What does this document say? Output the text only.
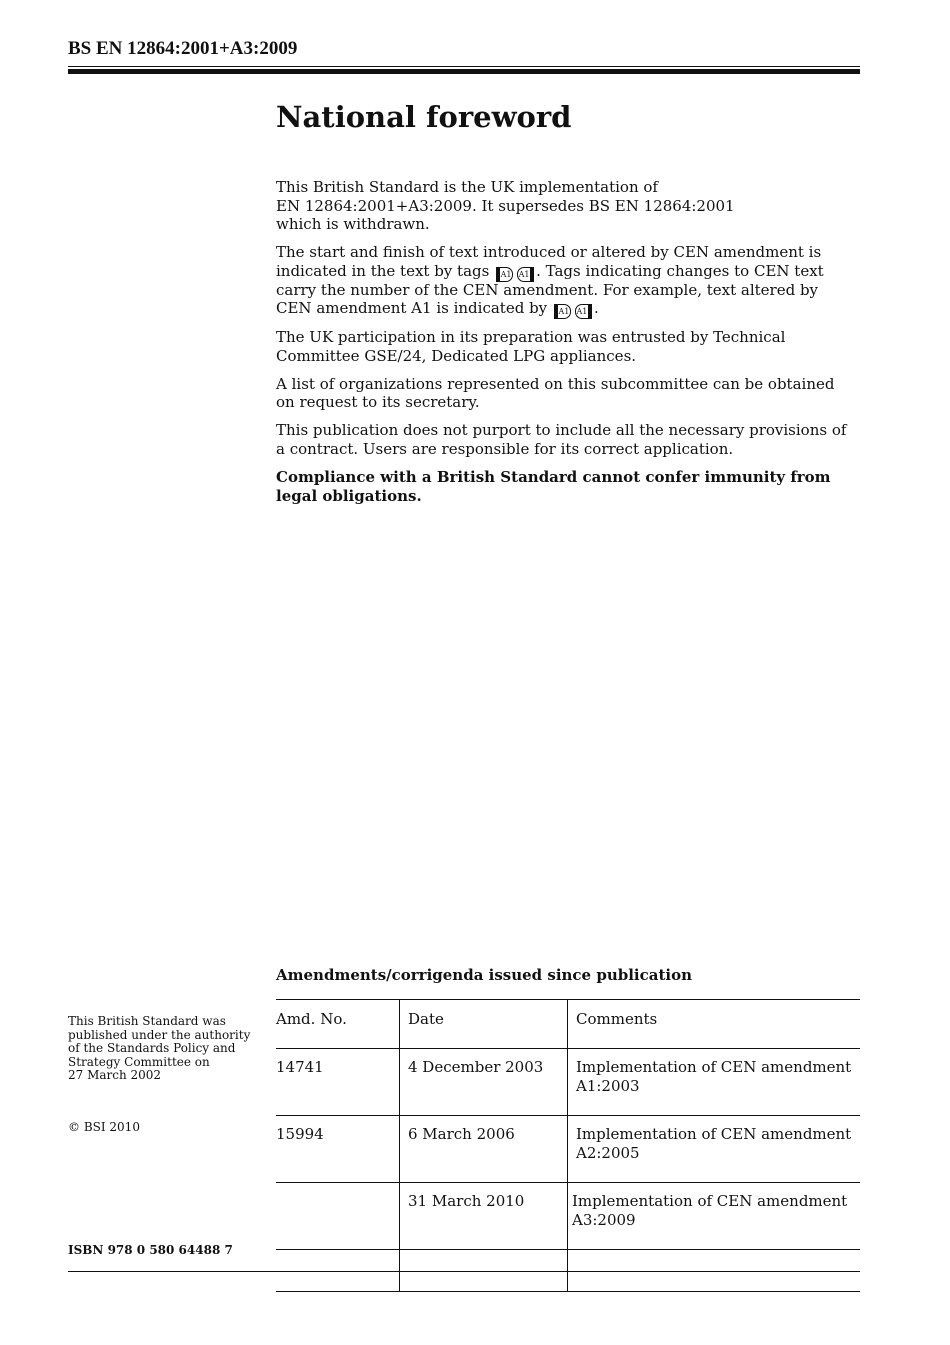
BS EN 12864:2001+A3:2009
National foreword

This British Standard is the UK implementation of
EN 12864:2001+A3:2009. It supersedes BS EN 12864:2001
which is withdrawn.

The start and finish of text introduced or altered by CEN amendment is indicated in the text by tags A1 A1 . Tags indicating changes to CEN text carry the number of the CEN amendment. For example, text altered by CEN amendment A1 is indicated by A1 A1 .

The UK participation in its preparation was entrusted by Technical Committee GSE/24, Dedicated LPG appliances.

A list of organizations represented on this subcommittee can be obtained on request to its secretary.

This publication does not purport to include all the necessary provisions of a contract. Users are responsible for its correct application.

Compliance with a British Standard cannot confer immunity from legal obligations.

Amendments/corrigenda issued since publication
Amd. No.	Date	Comments
14741	4 December 2003	Implementation of CEN amendment
A1:2003
15994	6 March 2006	Implementation of CEN amendment
A2:2005
	31 March 2010	Implementation of CEN amendment
A3:2009

This British Standard was
published under the authority
of the Standards Policy and
Strategy Committee on
27 March 2002

© BSI 2010

ISBN 978 0 580 64488 7
